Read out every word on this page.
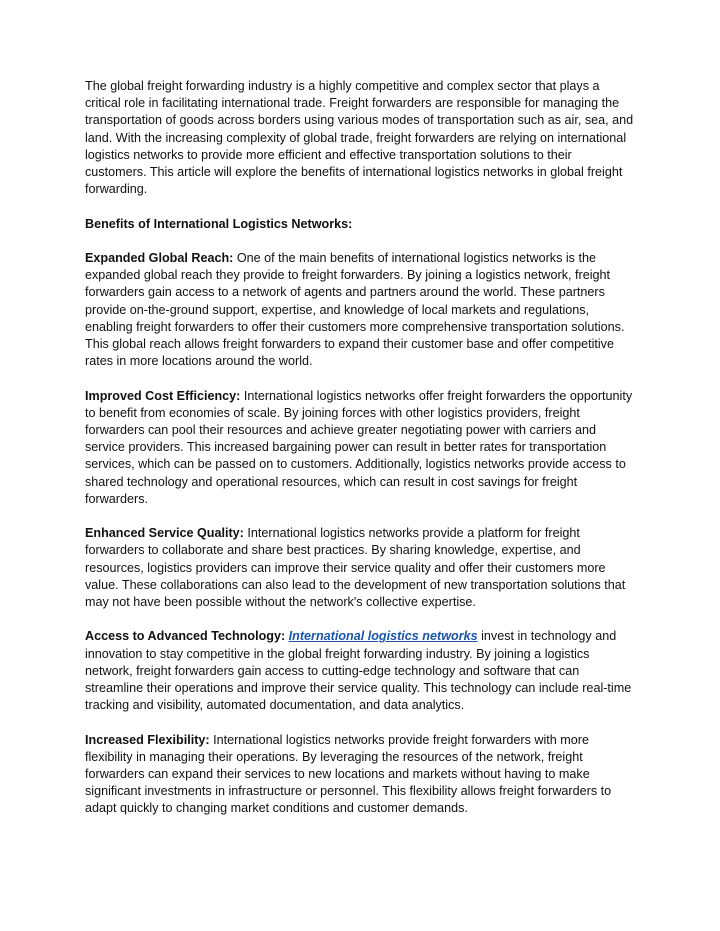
The global freight forwarding industry is a highly competitive and complex sector that plays a critical role in facilitating international trade. Freight forwarders are responsible for managing the transportation of goods across borders using various modes of transportation such as air, sea, and land. With the increasing complexity of global trade, freight forwarders are relying on international logistics networks to provide more efficient and effective transportation solutions to their customers. This article will explore the benefits of international logistics networks in global freight forwarding.

Benefits of International Logistics Networks:

Expanded Global Reach: One of the main benefits of international logistics networks is the expanded global reach they provide to freight forwarders. By joining a logistics network, freight forwarders gain access to a network of agents and partners around the world. These partners provide on-the-ground support, expertise, and knowledge of local markets and regulations, enabling freight forwarders to offer their customers more comprehensive transportation solutions. This global reach allows freight forwarders to expand their customer base and offer competitive rates in more locations around the world.

Improved Cost Efficiency: International logistics networks offer freight forwarders the opportunity to benefit from economies of scale. By joining forces with other logistics providers, freight forwarders can pool their resources and achieve greater negotiating power with carriers and service providers. This increased bargaining power can result in better rates for transportation services, which can be passed on to customers. Additionally, logistics networks provide access to shared technology and operational resources, which can result in cost savings for freight forwarders.

Enhanced Service Quality: International logistics networks provide a platform for freight forwarders to collaborate and share best practices. By sharing knowledge, expertise, and resources, logistics providers can improve their service quality and offer their customers more value. These collaborations can also lead to the development of new transportation solutions that may not have been possible without the network's collective expertise.

Access to Advanced Technology: International logistics networks invest in technology and innovation to stay competitive in the global freight forwarding industry. By joining a logistics network, freight forwarders gain access to cutting-edge technology and software that can streamline their operations and improve their service quality. This technology can include real-time tracking and visibility, automated documentation, and data analytics.

Increased Flexibility: International logistics networks provide freight forwarders with more flexibility in managing their operations. By leveraging the resources of the network, freight forwarders can expand their services to new locations and markets without having to make significant investments in infrastructure or personnel. This flexibility allows freight forwarders to adapt quickly to changing market conditions and customer demands.
